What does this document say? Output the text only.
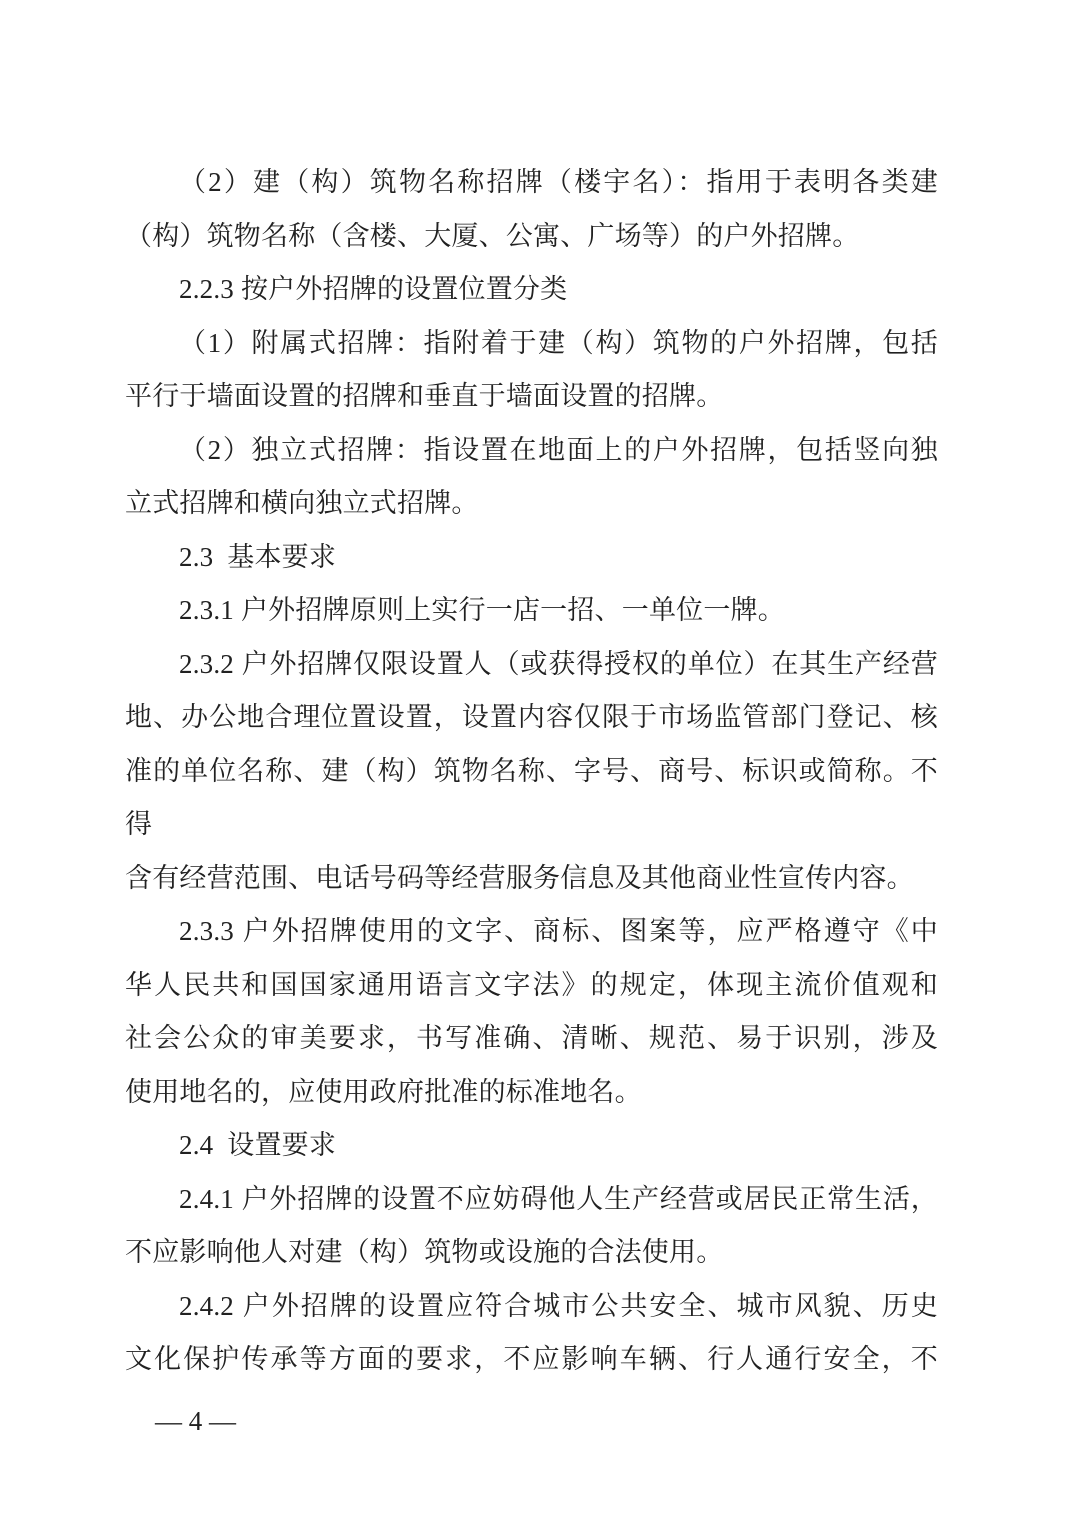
（2）建（构）筑物名称招牌（楼宇名）：指用于表明各类建
（构）筑物名称（含楼、大厦、公寓、广场等）的户外招牌。

2.2.3 按户外招牌的设置位置分类

（1）附属式招牌：指附着于建（构）筑物的户外招牌，包括
平行于墙面设置的招牌和垂直于墙面设置的招牌。

（2）独立式招牌：指设置在地面上的户外招牌，包括竖向独
立式招牌和横向独立式招牌。

2.3  基本要求

2.3.1 户外招牌原则上实行一店一招、一单位一牌。

2.3.2 户外招牌仅限设置人（或获得授权的单位）在其生产经营
地、办公地合理位置设置，设置内容仅限于市场监管部门登记、核
准的单位名称、建（构）筑物名称、字号、商号、标识或简称。不得
含有经营范围、电话号码等经营服务信息及其他商业性宣传内容。

2.3.3 户外招牌使用的文字、商标、图案等，应严格遵守《中
华人民共和国国家通用语言文字法》的规定，体现主流价值观和
社会公众的审美要求，书写准确、清晰、规范、易于识别，涉及
使用地名的，应使用政府批准的标准地名。

2.4  设置要求

2.4.1 户外招牌的设置不应妨碍他人生产经营或居民正常生活，
不应影响他人对建（构）筑物或设施的合法使用。

2.4.2 户外招牌的设置应符合城市公共安全、城市风貌、历史
文化保护传承等方面的要求，不应影响车辆、行人通行安全，不

— 4 —
